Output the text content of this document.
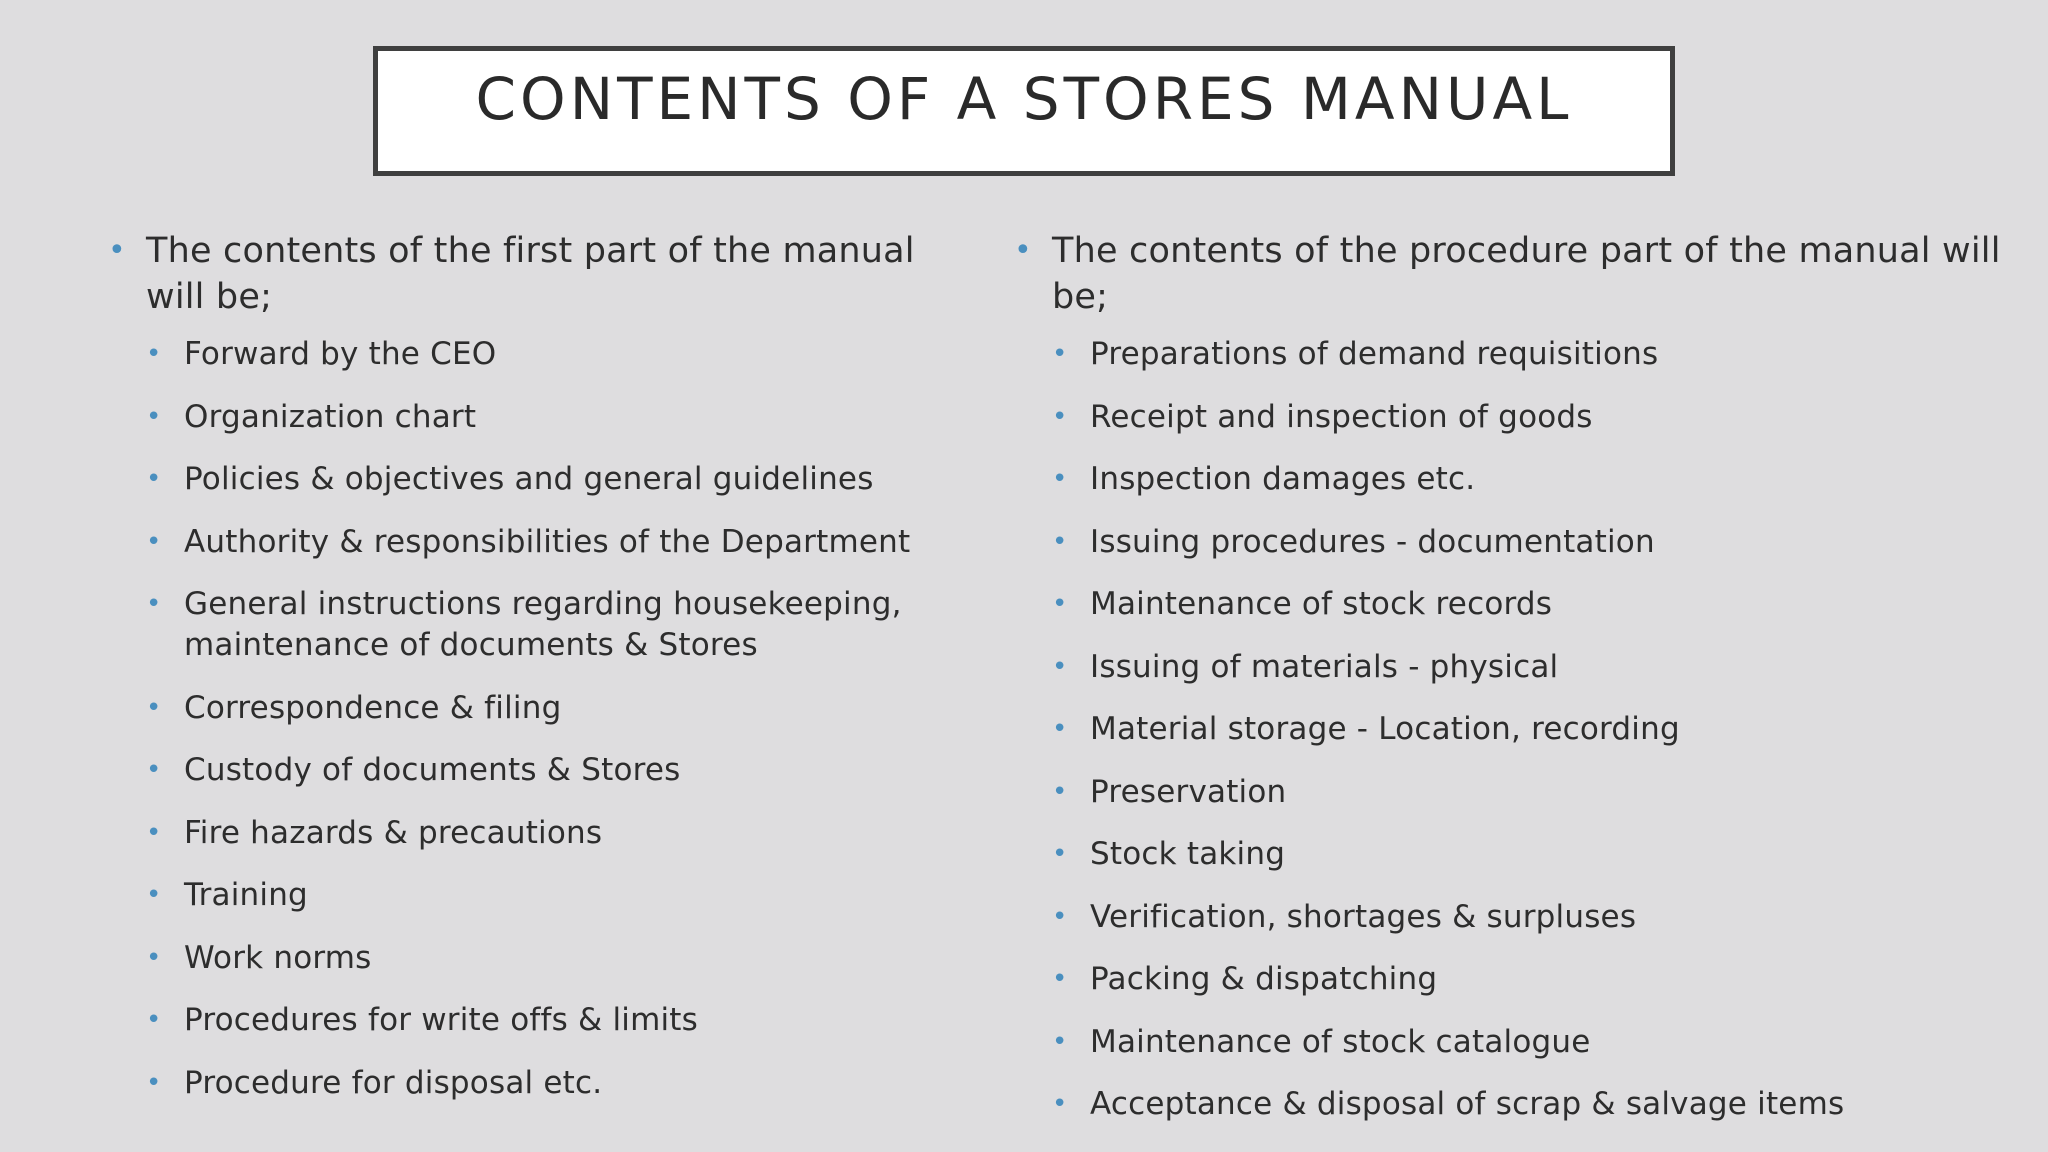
CONTENTS OF A STORES MANUAL
• The contents of the first part of the manual will be;
• Forward by the CEO
• Organization chart
• Policies & objectives and general guidelines
• Authority & responsibilities of the Department
• General instructions regarding housekeeping, maintenance of documents & Stores
• Correspondence & filing
• Custody of documents & Stores
• Fire hazards & precautions
• Training
• Work norms
• Procedures for write offs & limits
• Procedure for disposal etc.
• The contents of the procedure part of the manual will be;
• Preparations of demand requisitions
• Receipt and inspection of goods
• Inspection damages etc.
• Issuing procedures - documentation
• Maintenance of stock records
• Issuing of materials - physical
• Material storage - Location, recording
• Preservation
• Stock taking
• Verification, shortages & surpluses
• Packing & dispatching
• Maintenance of stock catalogue
• Acceptance & disposal of scrap & salvage items
